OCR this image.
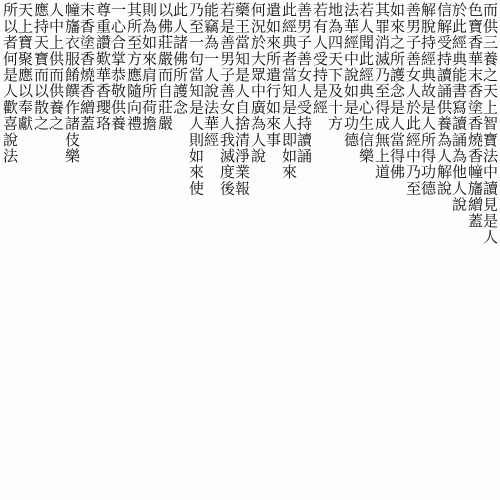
而供三養之天上智寶法中讀見是人
色寶香華末香塗香燒香幢旛繒蓋
於此經典能書寫讀誦為他人說
信解受持讀誦供養為人解說
解脫持經典故是人所得功德
善男子善女人於此經中乃至
如來之所護念是人當得佛
其罪消滅乃至得成無上道
若人聞此經典心生信樂
法華經中說如是功德
地為四天下及十方
若有人受持是經
善男子善女人受持讀誦
此經典者當知是人即如來
遣如來所遣行如來事
何況於大眾中廣為人說
藥王當知是人自捨清淨業報
若是善男子善女人我滅度後
能竊為一人說法華經
乃至一句當知是人則如來使
此人諸佛所護念
以佛莊嚴而自莊嚴
則為如來肩所荷擔
其所至方應隨向禮
一心合掌恭敬供養
尊重讚歎華香瓔珞
末香塗香燒香繒蓋
幢旛衣服餚饌作諸伎樂
人中上供而供養之
應持天寶而以散之
天上寶聚應以奉獻
所以者何是人歡喜說法
